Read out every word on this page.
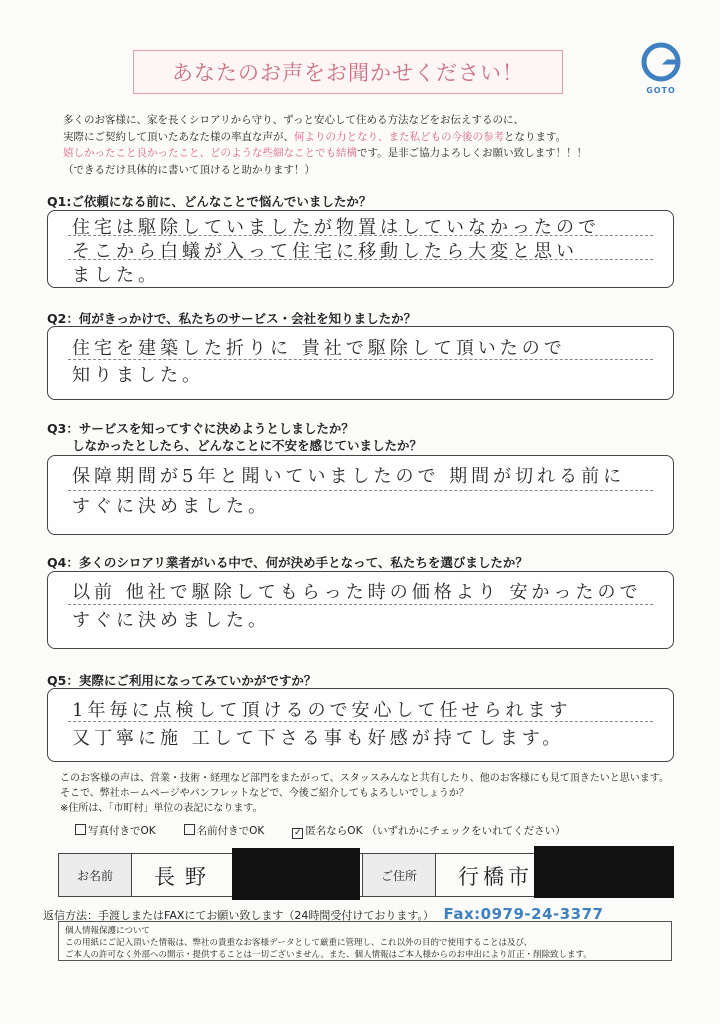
あなたのお声をお聞かせください！
GOTO
多くのお客様に、家を長くシロアリから守り、ずっと安心して住める方法などをお伝えするのに、
実際にご契約して頂いたあなた様の率直な声が、何よりの力となり、また私どもの今後の参考となります。
嬉しかったこと良かったこと、どのような些細なことでも結構です。是非ご協力よろしくお願い致します！！！
（できるだけ具体的に書いて頂けると助かります！）
Q1:ご依頼になる前に、どんなことで悩んでいましたか？
住宅は駆除していましたが物置はしていなかったので
そこから白蟻が入って住宅に移動したら大変と思い
ました。
Q2：何がきっかけで、私たちのサービス・会社を知りましたか？
住宅を建築した折りに 貴社で駆除して頂いたので
知りました。
Q3：サービスを知ってすぐに決めようとしましたか？
しなかったとしたら、どんなことに不安を感じていましたか？
保障期間が5年と聞いていましたので 期間が切れる前に
すぐに決めました。
Q4：多くのシロアリ業者がいる中で、何が決め手となって、私たちを選びましたか？
以前 他社で駆除してもらった時の価格より 安かったので
すぐに決めました。
Q5：実際にご利用になってみていかがですか？
1年毎に点検して頂けるので安心して任せられます
又丁寧に施 工して下さる事も好感が持てします。
このお客様の声は、営業・技術・経理など部門をまたがって、スタッスみんなと共有したり、他のお客様にも見て頂きたいと思います。
そこで、弊社ホームページやパンフレットなどで、今後ご紹介してもよろしいでしょうか？
※住所は、「市町村」単位の表記になります。
写真付きでOK	名前付きでOK	✓ 匿名ならOK （いずれかにチェックをいれてください）
お名前	長野	ご住所	行橋市
返信方法：手渡しまたはFAXにてお願い致します（24時間受付けております。） Fax:0979-24-3377
個人情報保護について
この用紙にご記入頂いた情報は、弊社の貴重なお客様データとして厳重に管理し、これ以外の目的で使用することは及び、
ご本人の許可なく外部への開示・提供することは一切ございません。また、個人情報はご本人様からのお申出により訂正・削除致します。
